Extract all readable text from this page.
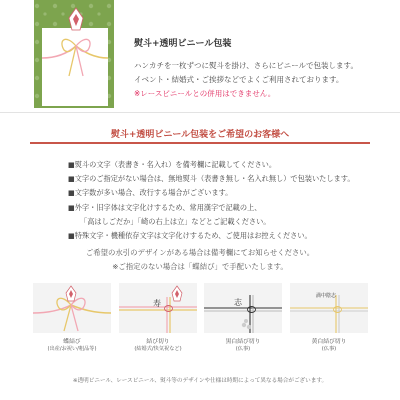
熨斗+透明ビニール包装

ハンカチを一枚ずつに熨斗を掛け、さらにビニールで包装します。

イベント・結婚式・ご挨拶などでよくご利用されております。

※レースビニールとの併用はできません。

熨斗+透明ビニール包装をご希望のお客様へ
■熨斗の文字（表書き・名入れ）を備考欄に記載してください。
■文字のご指定がない場合は、無地熨斗（表書き無し・名入れ無し）で包装いたします。
■文字数が多い場合、改行する場合がございます。
■外字・旧字体は文字化けするため、常用漢字で記載の上、
「高はしごだか」「崎の右上は立」などとご記載ください。
■特殊文字・機種依存文字は文字化けするため、ご使用はお控えください。
ご希望の水引のデザインがある場合は備考欄にてお知らせください。
※ご指定のない場合は「蝶結び」で手配いたします。
蝶結び
(出産/お祝い/粗品等)
寿
結び切り
(結婚式/快気祝など)
志
黒白結び切り
(仏事)
満中陰志
黄白結び切り
(仏事)
※透明ビニール、レースビニール、熨斗等のデザインや仕様は時期によって異なる場合がございます。
